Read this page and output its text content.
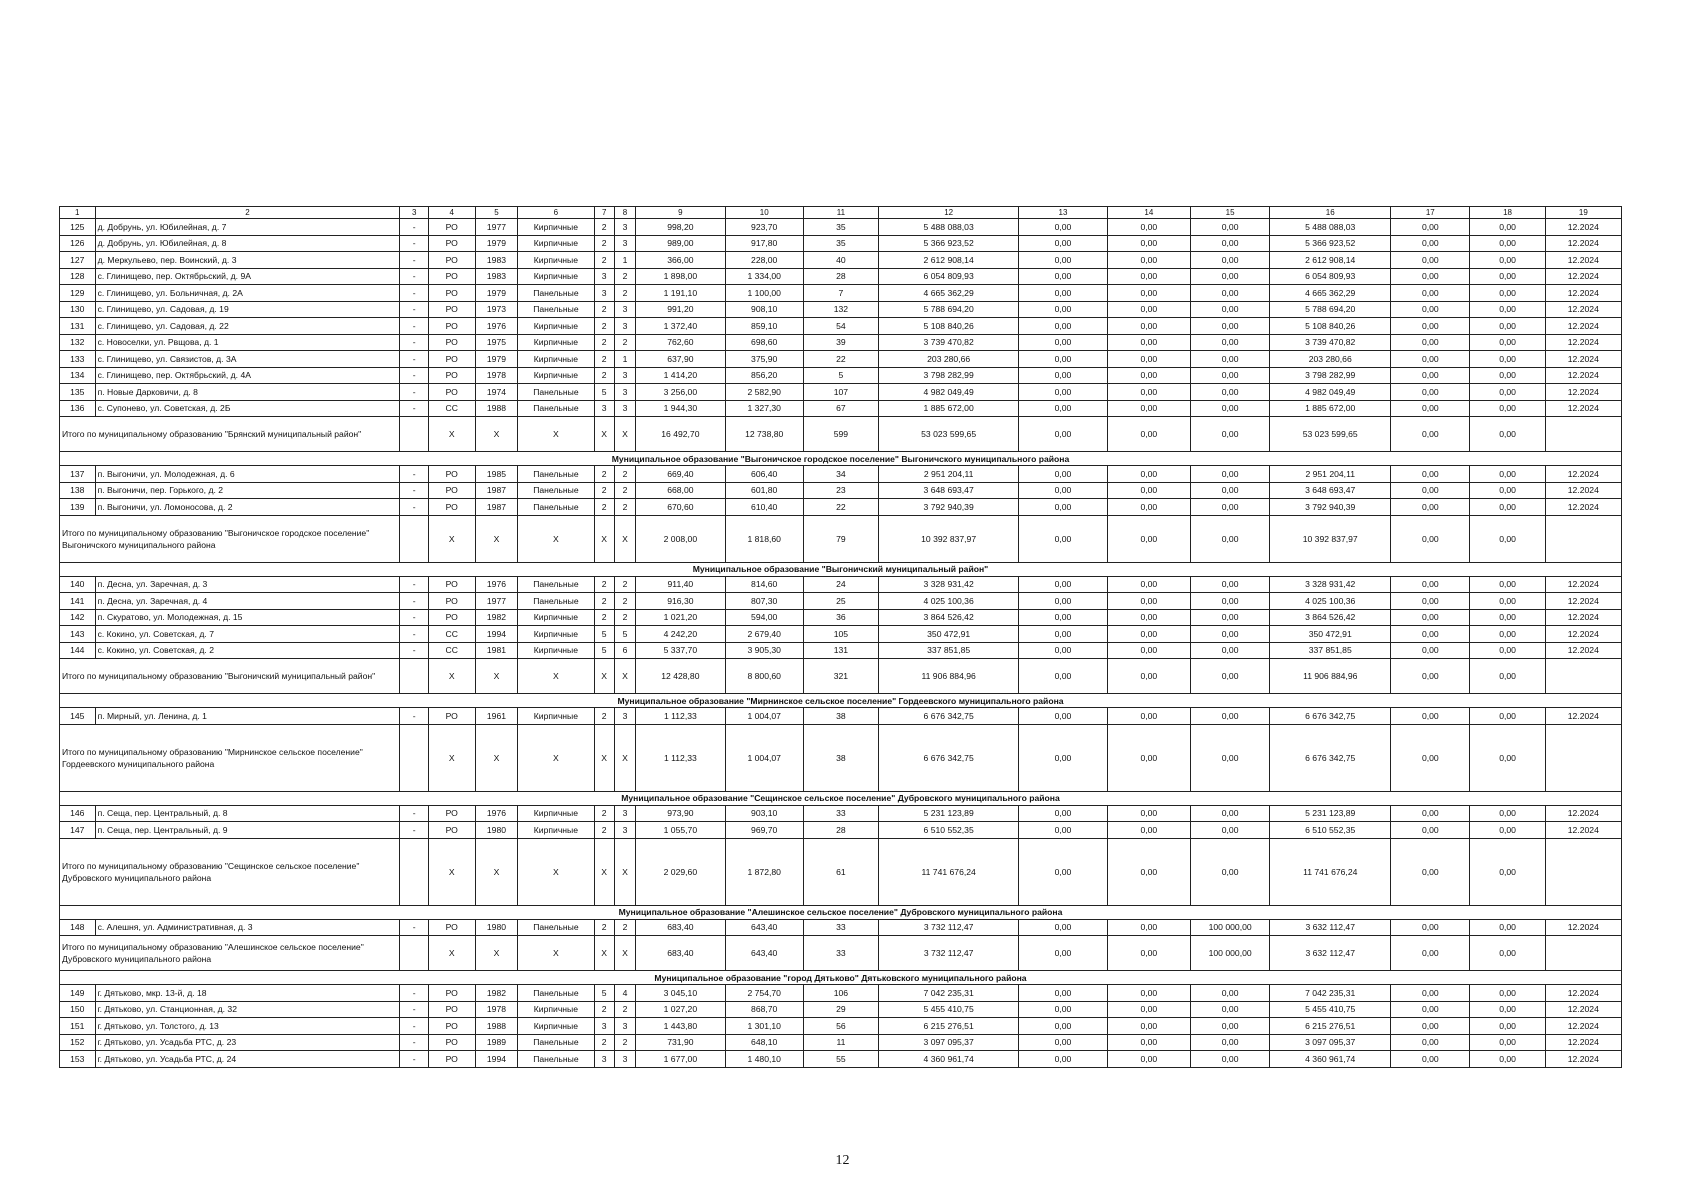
1	2	3	4	5	6	7	8	9	10	11	12	13	14	15	16	17	18	19
125	д. Добрунь, ул. Юбилейная, д. 7	-	РО	1977	Кирпичные	2	3	998,20	923,70	35	5 488 088,03	0,00	0,00	0,00	5 488 088,03	0,00	0,00	12.2024
126	д. Добрунь, ул. Юбилейная, д. 8	-	РО	1979	Кирпичные	2	3	989,00	917,80	35	5 366 923,52	0,00	0,00	0,00	5 366 923,52	0,00	0,00	12.2024
127	д. Меркульево, пер. Воинский, д. 3	-	РО	1983	Кирпичные	2	1	366,00	228,00	40	2 612 908,14	0,00	0,00	0,00	2 612 908,14	0,00	0,00	12.2024
128	с. Глинищево, пер. Октябрьский, д. 9А	-	РО	1983	Кирпичные	3	2	1 898,00	1 334,00	28	6 054 809,93	0,00	0,00	0,00	6 054 809,93	0,00	0,00	12.2024
129	с. Глинищево, ул. Больничная, д. 2А	-	РО	1979	Панельные	3	2	1 191,10	1 100,00	7	4 665 362,29	0,00	0,00	0,00	4 665 362,29	0,00	0,00	12.2024
130	с. Глинищево, ул. Садовая, д. 19	-	РО	1973	Панельные	2	3	991,20	908,10	132	5 788 694,20	0,00	0,00	0,00	5 788 694,20	0,00	0,00	12.2024
131	с. Глинищево, ул. Садовая, д. 22	-	РО	1976	Кирпичные	2	3	1 372,40	859,10	54	5 108 840,26	0,00	0,00	0,00	5 108 840,26	0,00	0,00	12.2024
132	с. Новоселки, ул. Рвщова, д. 1	-	РО	1975	Кирпичные	2	2	762,60	698,60	39	3 739 470,82	0,00	0,00	0,00	3 739 470,82	0,00	0,00	12.2024
133	с. Глинищево, ул. Связистов, д. 3А	-	РО	1979	Кирпичные	2	1	637,90	375,90	22	203 280,66	0,00	0,00	0,00	203 280,66	0,00	0,00	12.2024
134	с. Глинищево, пер. Октябрьский, д. 4А	-	РО	1978	Кирпичные	2	3	1 414,20	856,20	5	3 798 282,99	0,00	0,00	0,00	3 798 282,99	0,00	0,00	12.2024
135	п. Новые Дарковичи, д. 8	-	РО	1974	Панельные	5	3	3 256,00	2 582,90	107	4 982 049,49	0,00	0,00	0,00	4 982 049,49	0,00	0,00	12.2024
136	с. Супонево, ул. Советская, д. 2Б	-	СС	1988	Панельные	3	3	1 944,30	1 327,30	67	1 885 672,00	0,00	0,00	0,00	1 885 672,00	0,00	0,00	12.2024
Итого по муниципальному образованию "Брянский муниципальный район"			X	X	X	X	X	16 492,70	12 738,80	599	53 023 599,65	0,00	0,00	0,00	53 023 599,65	0,00	0,00	
Муниципальное образование "Выгоничское городское поселение" Выгоничского муниципального района																		
137	п. Выгоничи, ул. Молодежная, д. 6	-	РО	1985	Панельные	2	2	669,40	606,40	34	2 951 204,11	0,00	0,00	0,00	2 951 204,11	0,00	0,00	12.2024
138	п. Выгоничи, пер. Горького, д. 2	-	РО	1987	Панельные	2	2	668,00	601,80	23	3 648 693,47	0,00	0,00	0,00	3 648 693,47	0,00	0,00	12.2024
139	п. Выгоничи, ул. Ломоносова, д. 2	-	РО	1987	Панельные	2	2	670,60	610,40	22	3 792 940,39	0,00	0,00	0,00	3 792 940,39	0,00	0,00	12.2024
Итого по муниципальному образованию "Выгоничское городское поселение" Выгоничского муниципального района			X	X	X	X	X	2 008,00	1 818,60	79	10 392 837,97	0,00	0,00	0,00	10 392 837,97	0,00	0,00	
Муниципальное образование "Выгоничский муниципальный район"																		
140	п. Десна, ул. Заречная, д. 3	-	РО	1976	Панельные	2	2	911,40	814,60	24	3 328 931,42	0,00	0,00	0,00	3 328 931,42	0,00	0,00	12.2024
141	п. Десна, ул. Заречная, д. 4	-	РО	1977	Панельные	2	2	916,30	807,30	25	4 025 100,36	0,00	0,00	0,00	4 025 100,36	0,00	0,00	12.2024
142	п. Скуратово, ул. Молодежная, д. 15	-	РО	1982	Кирпичные	2	2	1 021,20	594,00	36	3 864 526,42	0,00	0,00	0,00	3 864 526,42	0,00	0,00	12.2024
143	с. Кокино, ул. Советская, д. 7	-	СС	1994	Кирпичные	5	5	4 242,20	2 679,40	105	350 472,91	0,00	0,00	0,00	350 472,91	0,00	0,00	12.2024
144	с. Кокино, ул. Советская, д. 2	-	СС	1981	Кирпичные	5	6	5 337,70	3 905,30	131	337 851,85	0,00	0,00	0,00	337 851,85	0,00	0,00	12.2024
Итого по муниципальному образованию "Выгоничский муниципальный район"			X	X	X	X	X	12 428,80	8 800,60	321	11 906 884,96	0,00	0,00	0,00	11 906 884,96	0,00	0,00	
Муниципальное образование "Мирнинское сельское поселение" Гордеевского муниципального района																		
145	п. Мирный, ул. Ленина, д. 1	-	РО	1961	Кирпичные	2	3	1 112,33	1 004,07	38	6 676 342,75	0,00	0,00	0,00	6 676 342,75	0,00	0,00	12.2024
Итого по муниципальному образованию "Мирнинское сельское поселение" Гордеевского муниципального района			X	X	X	X	X	1 112,33	1 004,07	38	6 676 342,75	0,00	0,00	0,00	6 676 342,75	0,00	0,00	
Муниципальное образование "Сещинское сельское поселение" Дубровского муниципального района																		
146	п. Сеща, пер. Центральный, д. 8	-	РО	1976	Кирпичные	2	3	973,90	903,10	33	5 231 123,89	0,00	0,00	0,00	5 231 123,89	0,00	0,00	12.2024
147	п. Сеща, пер. Центральный, д. 9	-	РО	1980	Кирпичные	2	3	1 055,70	969,70	28	6 510 552,35	0,00	0,00	0,00	6 510 552,35	0,00	0,00	12.2024
Итого по муниципальному образованию "Сещинское сельское поселение" Дубровского муниципального района			X	X	X	X	X	2 029,60	1 872,80	61	11 741 676,24	0,00	0,00	0,00	11 741 676,24	0,00	0,00	
Муниципальное образование "Алешинское сельское поселение" Дубровского муниципального района																		
148	с. Алешня, ул. Административная, д. 3	-	РО	1980	Панельные	2	2	683,40	643,40	33	3 732 112,47	0,00	0,00	100 000,00	3 632 112,47	0,00	0,00	12.2024
Итого по муниципальному образованию "Алешинское сельское поселение" Дубровского муниципального района			X	X	X	X	X	683,40	643,40	33	3 732 112,47	0,00	0,00	100 000,00	3 632 112,47	0,00	0,00	
Муниципальное образование "город Дятьково" Дятьковского муниципального района																		
149	г. Дятьково, мкр. 13-й, д. 18	-	РО	1982	Панельные	5	4	3 045,10	2 754,70	106	7 042 235,31	0,00	0,00	0,00	7 042 235,31	0,00	0,00	12.2024
150	г. Дятьково, ул. Станционная, д. 32	-	РО	1978	Кирпичные	2	2	1 027,20	868,70	29	5 455 410,75	0,00	0,00	0,00	5 455 410,75	0,00	0,00	12.2024
151	г. Дятьково, ул. Толстого, д. 13	-	РО	1988	Кирпичные	3	3	1 443,80	1 301,10	56	6 215 276,51	0,00	0,00	0,00	6 215 276,51	0,00	0,00	12.2024
152	г. Дятьково, ул. Усадьба РТС, д. 23	-	РО	1989	Панельные	2	2	731,90	648,10	11	3 097 095,37	0,00	0,00	0,00	3 097 095,37	0,00	0,00	12.2024
153	г. Дятьково, ул. Усадьба РТС, д. 24	-	РО	1994	Панельные	3	3	1 677,00	1 480,10	55	4 360 961,74	0,00	0,00	0,00	4 360 961,74	0,00	0,00	12.2024
12
